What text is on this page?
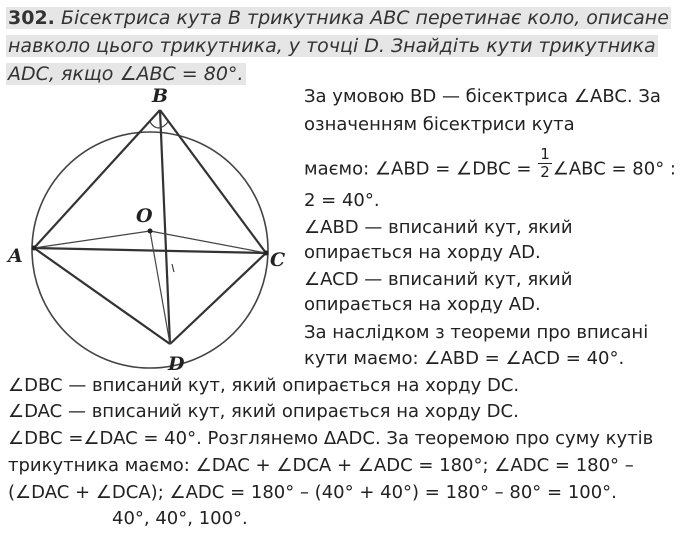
302. Бісектриса кута B трикутника ABC перетинає коло, описане
навколо цього трикутника, у точці D. Знайдіть кути трикутника
ADC, якщо ∠ABC = 80°.
B
A	C
D
O
За умовою BD — бісектриса ∠ABC. За
означенням бісектриси кута
маємо: ∠ABD = ∠DBC = $\frac{1}{2}$ ∠ABC = 80° :
2 = 40°.
∠ABD — вписаний кут, який
опирається на хорду AD.
∠ACD — вписаний кут, який
опирається на хорду AD.
За наслідком з теореми про вписані
кути маємо: ∠ABD = ∠ACD = 40°.
∠DBC — вписаний кут, який опирається на хорду DC.
∠DAC — вписаний кут, який опирається на хорду DC.
∠DBC =∠DAC = 40°. Розглянемо ΔADC. За теоремою про суму кутів
трикутника маємо: ∠DAC + ∠DCA + ∠ADC = 180°; ∠ADC = 180° –
(∠DAC + ∠DCA); ∠ADC = 180° – (40° + 40°) = 180° – 80° = 100°.
40°, 40°, 100°.
